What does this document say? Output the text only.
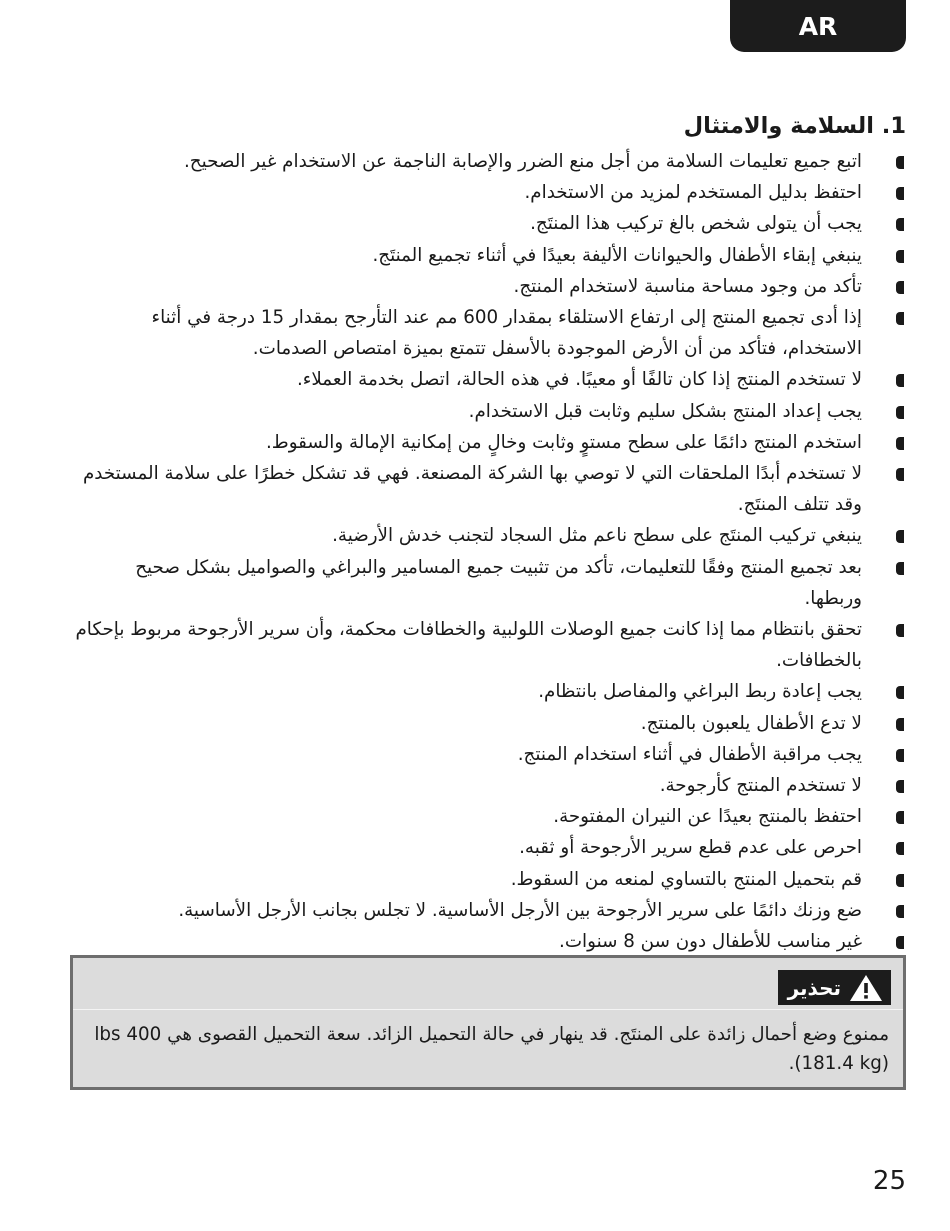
AR
1. السلامة والامتثال
اتبع جميع تعليمات السلامة من أجل منع الضرر والإصابة الناجمة عن الاستخدام غير الصحيح.
احتفظ بدليل المستخدم لمزيد من الاستخدام.
يجب أن يتولى شخص بالغ تركيب هذا المنتَج.
ينبغي إبقاء الأطفال والحيوانات الأليفة بعيدًا في أثناء تجميع المنتَج.
تأكد من وجود مساحة مناسبة لاستخدام المنتج.
إذا أدى تجميع المنتج إلى ارتفاع الاستلقاء بمقدار 600 مم عند التأرجح بمقدار 15 درجة في أثناء الاستخدام، فتأكد من أن الأرض الموجودة بالأسفل تتمتع بميزة امتصاص الصدمات.
لا تستخدم المنتج إذا كان تالفًا أو معيبًا. في هذه الحالة، اتصل بخدمة العملاء.
يجب إعداد المنتج بشكل سليم وثابت قبل الاستخدام.
استخدم المنتج دائمًا على سطح مستوٍ وثابت وخالٍ من إمكانية الإمالة والسقوط.
لا تستخدم أبدًا الملحقات التي لا توصي بها الشركة المصنعة. فهي قد تشكل خطرًا على سلامة المستخدم وقد تتلف المنتَج.
ينبغي تركيب المنتَج على سطح ناعم مثل السجاد لتجنب خدش الأرضية.
بعد تجميع المنتج وفقًا للتعليمات، تأكد من تثبيت جميع المسامير والبراغي والصواميل بشكل صحيح وربطها.
تحقق بانتظام مما إذا كانت جميع الوصلات اللولبية والخطافات محكمة، وأن سرير الأرجوحة مربوط بإحكام بالخطافات.
يجب إعادة ربط البراغي والمفاصل بانتظام.
لا تدع الأطفال يلعبون بالمنتج.
يجب مراقبة الأطفال في أثناء استخدام المنتج.
لا تستخدم المنتج كأرجوحة.
احتفظ بالمنتج بعيدًا عن النيران المفتوحة.
احرص على عدم قطع سرير الأرجوحة أو ثقبه.
قم بتحميل المنتج بالتساوي لمنعه من السقوط.
ضع وزنك دائمًا على سرير الأرجوحة بين الأرجل الأساسية. لا تجلس بجانب الأرجل الأساسية.
غير مناسب للأطفال دون سن 8 سنوات.
تحذير
ممنوع وضع أحمال زائدة على المنتَج. قد ينهار في حالة التحميل الزائد. سعة التحميل القصوى هي 400 lbs (181.4 kg).
25
